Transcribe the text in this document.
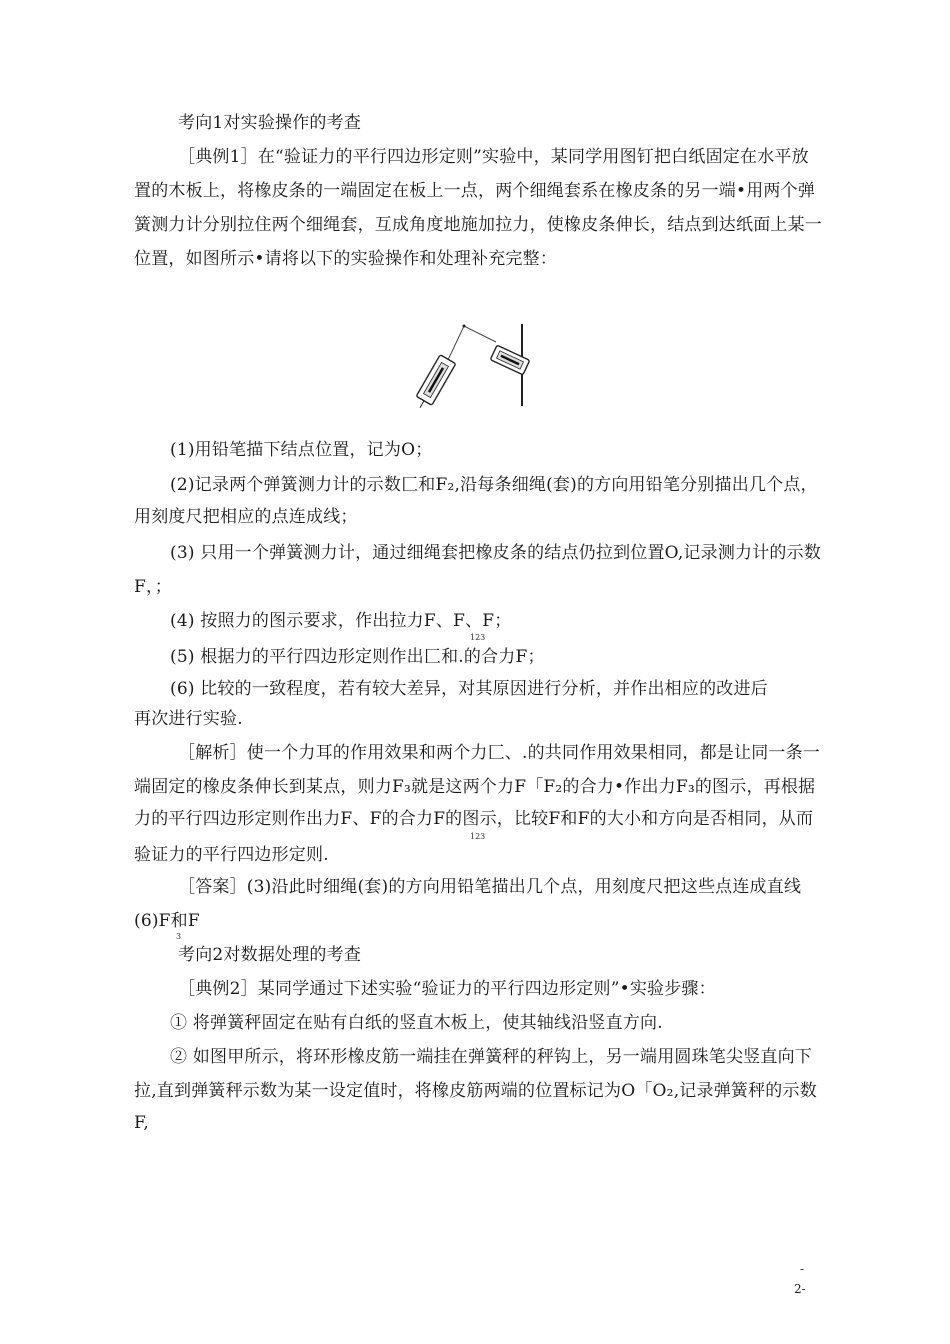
考向1对实验操作的考查
［典例1］在“验证力的平行四边形定则”实验中，某同学用图钉把白纸固定在水平放
置的木板上，将橡皮条的一端固定在板上一点，两个细绳套系在橡皮条的另一端•用两个弹
簧测力计分别拉住两个细绳套，互成角度地施加拉力，使橡皮条伸长，结点到达纸面上某一
位置，如图所示•请将以下的实验操作和处理补充完整：
(1)用铅笔描下结点位置，记为O；
(2)记录两个弹簧测力计的示数匚和F₂,沿每条细绳(套)的方向用铅笔分别描出几个点，
用刻度尺把相应的点连成线；
(3) 只用一个弹簧测力计，通过细绳套把橡皮条的结点仍拉到位置O,记录测力计的示数
F，；
(4) 按照力的图示要求，作出拉力F、F、F；
123
(5) 根据力的平行四边形定则作出匚和.的合力F；
(6) 比较的一致程度，若有较大差异，对其原因进行分析，并作出相应的改进后
再次进行实验.
［解析］使一个力耳的作用效果和两个力匚、.的共同作用效果相同，都是让同一条一
端固定的橡皮条伸长到某点，则力F₃就是这两个力F「F₂的合力•作出力F₃的图示，再根据
力的平行四边形定则作出力F、F的合力F的图示，比较F和F的大小和方向是否相同，从而
123
验证力的平行四边形定则.
［答案］(3)沿此时细绳(套)的方向用铅笔描出几个点，用刻度尺把这些点连成直线
(6)F和F
3
考向2对数据处理的考查
［典例2］某同学通过下述实验“验证力的平行四边形定则”•实验步骤：
① 将弹簧秤固定在贴有白纸的竖直木板上，使其轴线沿竖直方向.
② 如图甲所示，将环形橡皮筋一端挂在弹簧秤的秤钩上，另一端用圆珠笔尖竖直向下
拉,直到弹簧秤示数为某一设定值时，将橡皮筋两端的位置标记为O「O₂,记录弹簧秤的示数
F,
-
2-
